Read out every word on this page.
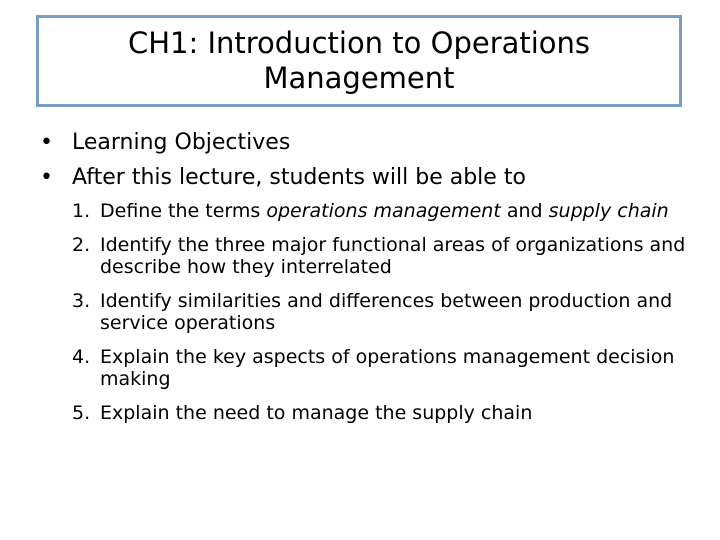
CH1: Introduction to Operations
Management
• Learning Objectives
• After this lecture, students will be able to
1. Define the terms operations management and supply chain
2. Identify the three major functional areas of organizations and describe how they interrelated
3. Identify similarities and differences between production and service operations
4. Explain the key aspects of operations management decision making
5. Explain the need to manage the supply chain
